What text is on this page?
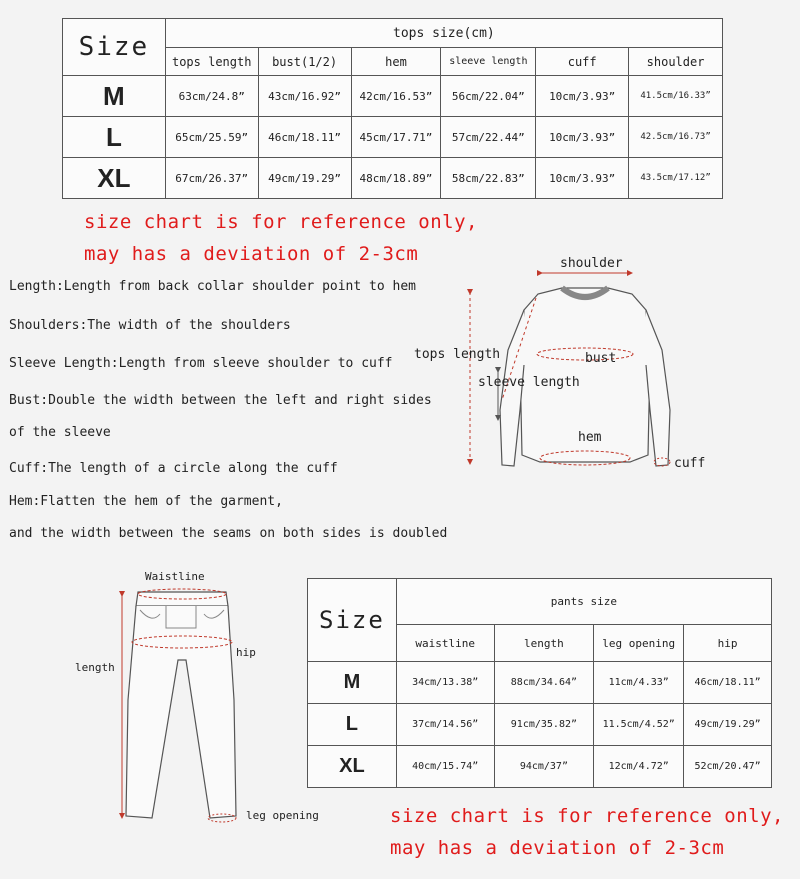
Size	tops size(cm)					
	tops length	bust(1/2)	hem	sleeve length	cuff	shoulder
M	63cm/24.8”	43cm/16.92”	42cm/16.53”	56cm/22.04”	10cm/3.93”	41.5cm/16.33”
L	65cm/25.59”	46cm/18.11”	45cm/17.71”	57cm/22.44”	10cm/3.93”	42.5cm/16.73”
XL	67cm/26.37”	49cm/19.29”	48cm/18.89”	58cm/22.83”	10cm/3.93”	43.5cm/17.12”
size chart is for reference only,
may has a deviation of 2-3cm
Length:Length from back collar shoulder point to hem
Shoulders:The width of the shoulders
Sleeve Length:Length from sleeve shoulder to cuff
Bust:Double the width between the left and right sides
of the sleeve
Cuff:The length of a circle along the cuff
Hem:Flatten the hem of the garment,
and the width between the seams on both sides is doubled
shoulder
tops length	bust
sleeve length
hem
cuff
Waistline
hip
length
leg opening
Size	pants size			
	waistline	length	leg opening	hip
M	34cm/13.38”	88cm/34.64”	11cm/4.33”	46cm/18.11”
L	37cm/14.56”	91cm/35.82”	11.5cm/4.52”	49cm/19.29”
XL	40cm/15.74”	94cm/37”	12cm/4.72”	52cm/20.47”
size chart is for reference only,
may has a deviation of 2-3cm
